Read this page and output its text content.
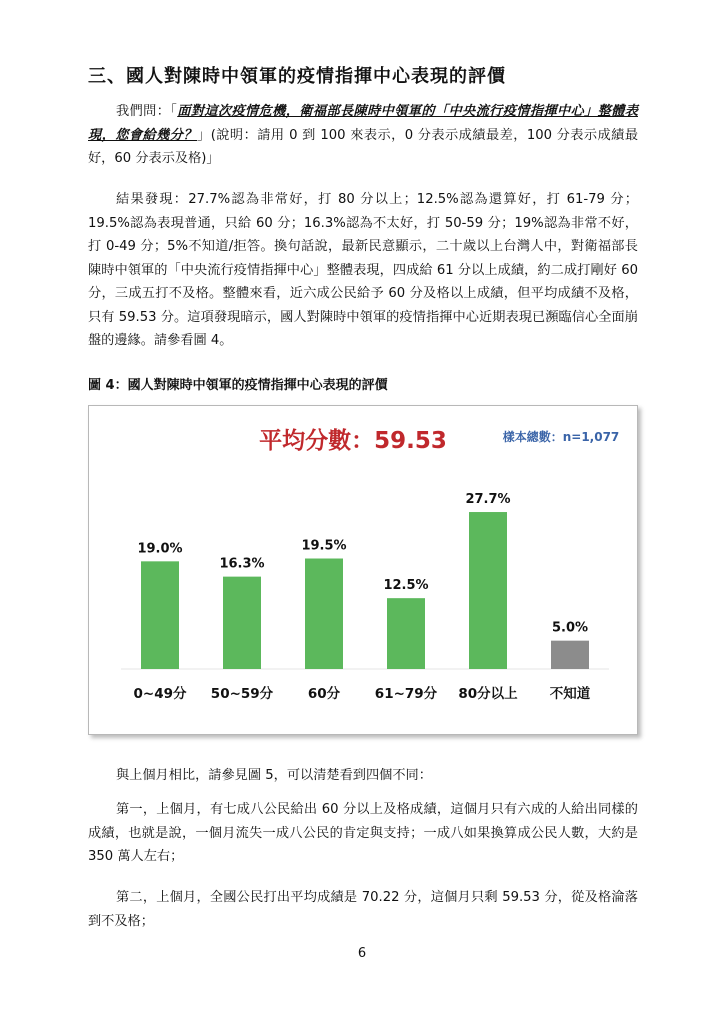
三、國人對陳時中領軍的疫情指揮中心表現的評價
我們問：「面對這次疫情危機，衛福部長陳時中領軍的「中央流行疫情指揮中心」整體表現，您會給幾分？」(說明：請用 0 到 100 來表示，0 分表示成績最差，100 分表示成績最好，60 分表示及格)」
結果發現：27.7%認為非常好，打 80 分以上；12.5%認為還算好，打 61-79 分；19.5%認為表現普通，只給 60 分；16.3%認為不太好，打 50-59 分；19%認為非常不好，打 0-49 分；5%不知道/拒答。換句話說，最新民意顯示，二十歲以上台灣人中，對衛福部長陳時中領軍的「中央流行疫情指揮中心」整體表現，四成給 61 分以上成績，約二成打剛好 60 分，三成五打不及格。整體來看，近六成公民給予 60 分及格以上成績，但平均成績不及格，只有 59.53 分。這項發現暗示，國人對陳時中領軍的疫情指揮中心近期表現已瀕臨信心全面崩盤的邊緣。請參看圖 4。
圖 4：國人對陳時中領軍的疫情指揮中心表現的評價
平均分數：59.53	樣本總數：n=1,077
19.0%
0~49分
16.3%
50~59分
19.5%
60分
12.5%
61~79分
27.7%
80分以上
5.0%
不知道
與上個月相比，請參見圖 5，可以清楚看到四個不同：
第一，上個月，有七成八公民給出 60 分以上及格成績，這個月只有六成的人給出同樣的成績，也就是說，一個月流失一成八公民的肯定與支持；一成八如果換算成公民人數，大約是 350 萬人左右；
第二，上個月，全國公民打出平均成績是 70.22 分，這個月只剩 59.53 分，從及格淪落到不及格；
6
